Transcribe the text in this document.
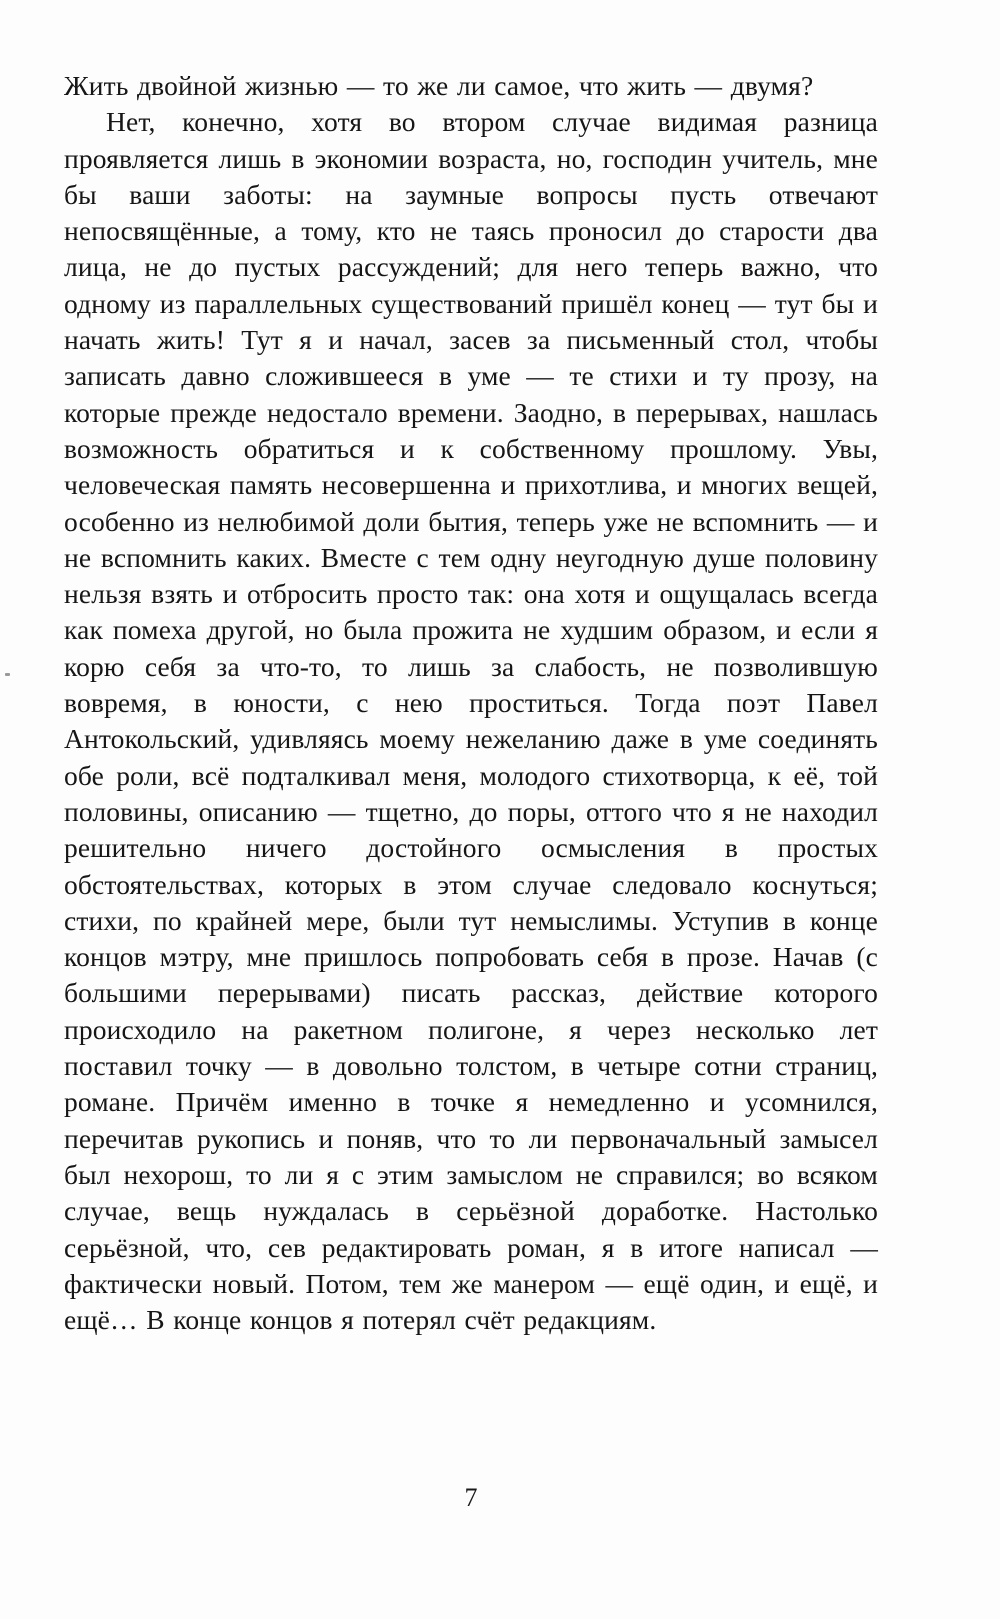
Жить двойной жизнью — то же ли самое, что жить — двумя?

Нет, конечно, хотя во втором случае видимая разница проявляется лишь в экономии возраста, но, господин учитель, мне бы ваши заботы: на заумные вопросы пусть отвечают непосвящённые, а тому, кто не таясь проносил до старости два лица, не до пустых рассуждений; для него теперь важно, что одному из параллельных существований пришёл конец — тут бы и начать жить! Тут я и начал, засев за письменный стол, чтобы записать давно сложившееся в уме — те стихи и ту прозу, на которые прежде недостало времени. Заодно, в перерывах, нашлась возможность обратиться и к собственному прошлому. Увы, человеческая память несовершенна и прихотлива, и многих вещей, особенно из нелюбимой доли бытия, теперь уже не вспомнить — и не вспомнить каких. Вместе с тем одну неугодную душе половину нельзя взять и отбросить просто так: она хотя и ощущалась всегда как помеха другой, но была прожита не худшим образом, и если я корю себя за что-то, то лишь за слабость, не позволившую вовремя, в юности, с нею проститься. Тогда поэт Павел Антокольский, удивляясь моему нежеланию даже в уме соединять обе роли, всё подталкивал меня, молодого стихотворца, к её, той половины, описанию — тщетно, до поры, оттого что я не находил решительно ничего достойного осмысления в простых обстоятельствах, которых в этом случае следовало коснуться; стихи, по крайней мере, были тут немыслимы. Уступив в конце концов мэтру, мне пришлось попробовать себя в прозе. Начав (с большими перерывами) писать рассказ, действие которого происходило на ракетном полигоне, я через несколько лет поставил точку — в довольно толстом, в четыре сотни страниц, романе. Причём именно в точке я немедленно и усомнился, перечитав рукопись и поняв, что то ли первоначальный замысел был нехорош, то ли я с этим замыслом не справился; во всяком случае, вещь нуждалась в серьёзной доработке. Настолько серьёзной, что, сев редактировать роман, я в итоге написал — фактически новый. Потом, тем же манером — ещё один, и ещё, и ещё… В конце концов я потерял счёт редакциям.

7
